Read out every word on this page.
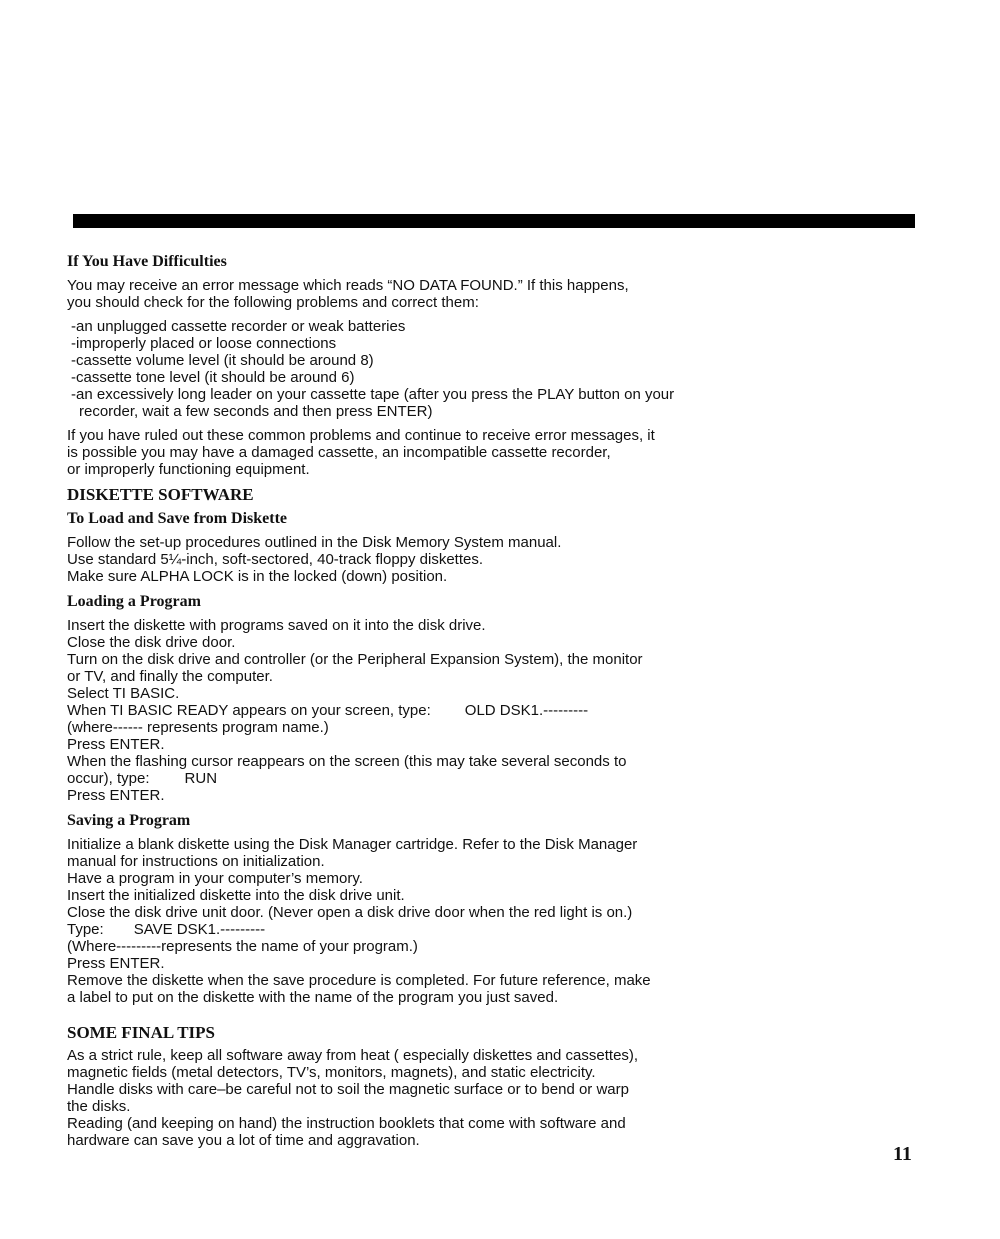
If You Have Difficulties
You may receive an error message which reads “NO DATA FOUND.” If this happens,
you should check for the following problems and correct them:
-an unplugged cassette recorder or weak batteries
-improperly placed or loose connections
-cassette volume level (it should be around 8)
-cassette tone level (it should be around 6)
-an excessively long leader on your cassette tape (after you press the PLAY button on your
recorder, wait a few seconds and then press ENTER)
If you have ruled out these common problems and continue to receive error messages, it
is possible you may have a damaged cassette, an incompatible cassette recorder,
or improperly functioning equipment.
DISKETTE SOFTWARE
To Load and Save from Diskette
Follow the set-up procedures outlined in the Disk Memory System manual.
Use standard 5¼-inch, soft-sectored, 40-track floppy diskettes.
Make sure ALPHA LOCK is in the locked (down) position.
Loading a Program
Insert the diskette with programs saved on it into the disk drive.
Close the disk drive door.
Turn on the disk drive and controller (or the Peripheral Expansion System), the monitor
or TV, and finally the computer.
Select TI BASIC.
When TI BASIC READY appears on your screen, type: OLD DSK1.---------
(where------ represents program name.)
Press ENTER.
When the flashing cursor reappears on the screen (this may take several seconds to
occur), type: RUN
Press ENTER.
Saving a Program
Initialize a blank diskette using the Disk Manager cartridge. Refer to the Disk Manager
manual for instructions on initialization.
Have a program in your computer’s memory.
Insert the initialized diskette into the disk drive unit.
Close the disk drive unit door. (Never open a disk drive door when the red light is on.)
Type: SAVE DSK1.---------
(Where---------represents the name of your program.)
Press ENTER.
Remove the diskette when the save procedure is completed. For future reference, make
a label to put on the diskette with the name of the program you just saved.
SOME FINAL TIPS
As a strict rule, keep all software away from heat ( especially diskettes and cassettes),
magnetic fields (metal detectors, TV’s, monitors, magnets), and static electricity.
Handle disks with care–be careful not to soil the magnetic surface or to bend or warp
the disks.
Reading (and keeping on hand) the instruction booklets that come with software and
hardware can save you a lot of time and aggravation.
11
